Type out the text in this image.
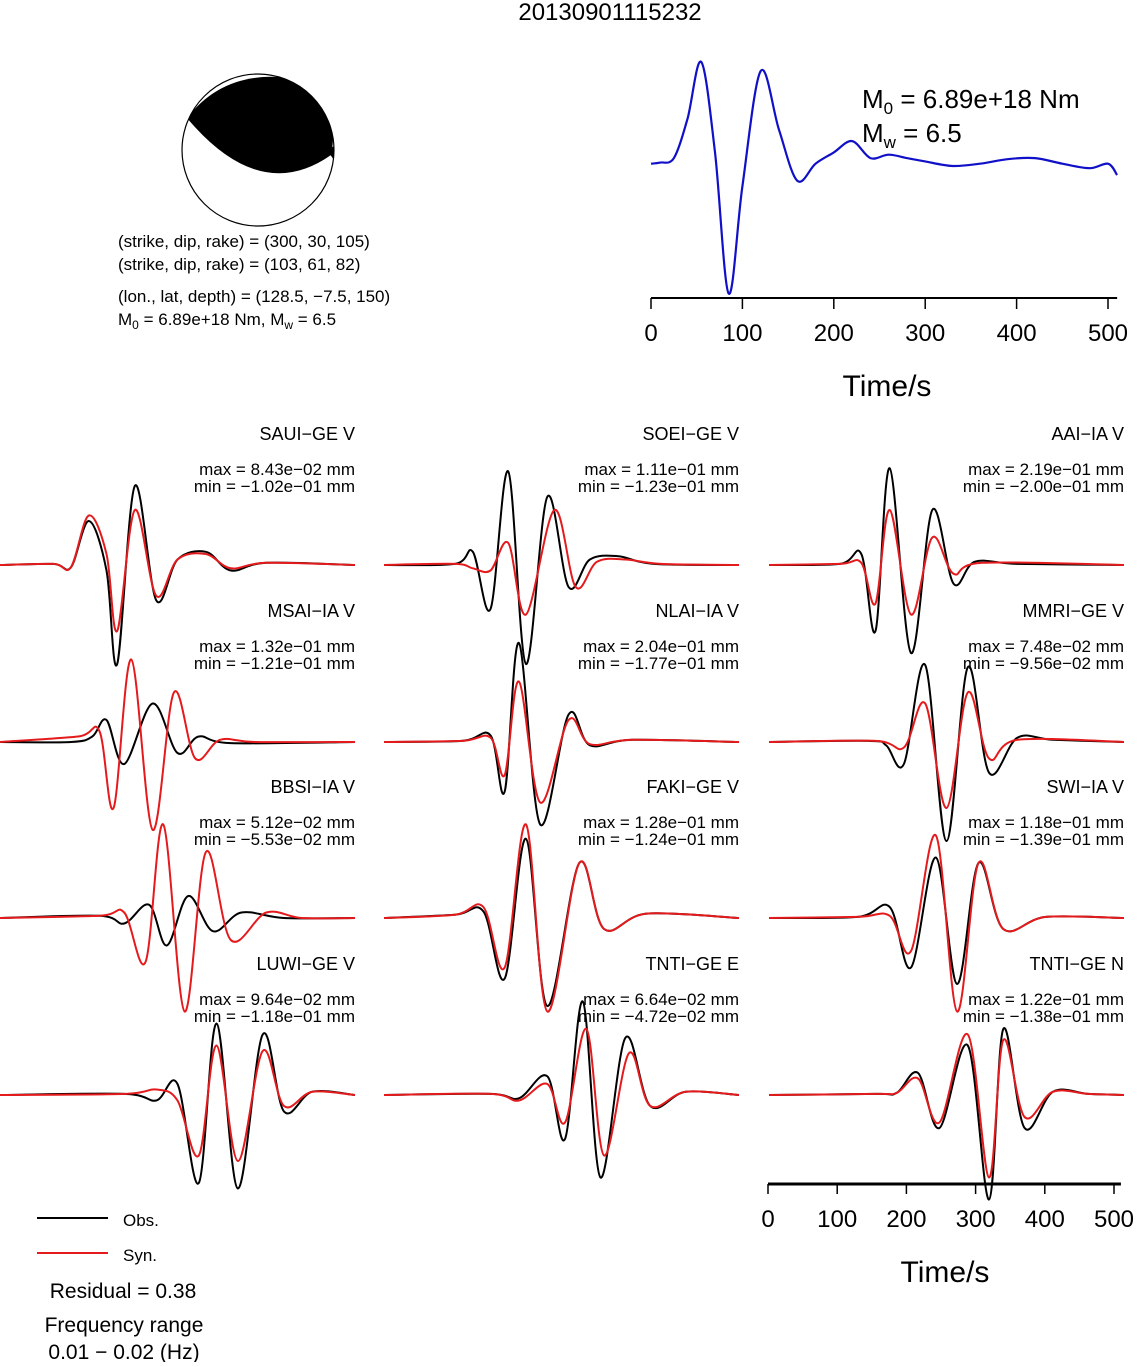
20130901115232
(strike, dip, rake) = (300, 30, 105)
(strike, dip, rake) = (103, 61, 82)
(lon., lat, depth) = (128.5, −7.5, 150)
$M_0 = 6.89e+18$ Nm, $M_w = 6.5$
$M_0 = 6.89e+18$ Nm
$M_w = 6.5$
0	100 200 300 400 500
Time/s
SAUI−GE V
max = 8.43e−02 mm
min = −1.02e−01 mm
SOEI−GE V
max = 1.11e−01 mm
min = −1.23e−01 mm
AAI−IA V
max = 2.19e−01 mm
min = −2.00e−01 mm
MSAI−IA V
max = 1.32e−01 mm
min = −1.21e−01 mm
NLAI−IA V
max = 2.04e−01 mm
min = −1.77e−01 mm
MMRI−GE V
max = 7.48e−02 mm
min = −9.56e−02 mm
BBSI−IA V
max = 5.12e−02 mm
min = −5.53e−02 mm
FAKI−GE V
max = 1.28e−01 mm
min = −1.24e−01 mm
SWI−IA V
max = 1.18e−01 mm
min = −1.39e−01 mm
LUWI−GE V
max = 9.64e−02 mm
min = −1.18e−01 mm
TNTI−GE E
max = 6.64e−02 mm
min = −4.72e−02 mm
TNTI−GE N
max = 1.22e−01 mm
min = −1.38e−01 mm
0 100 200 300 400 500
Time/s
Obs.
Syn.
Residual = 0.38
Frequency range
0.01 − 0.02 (Hz)
